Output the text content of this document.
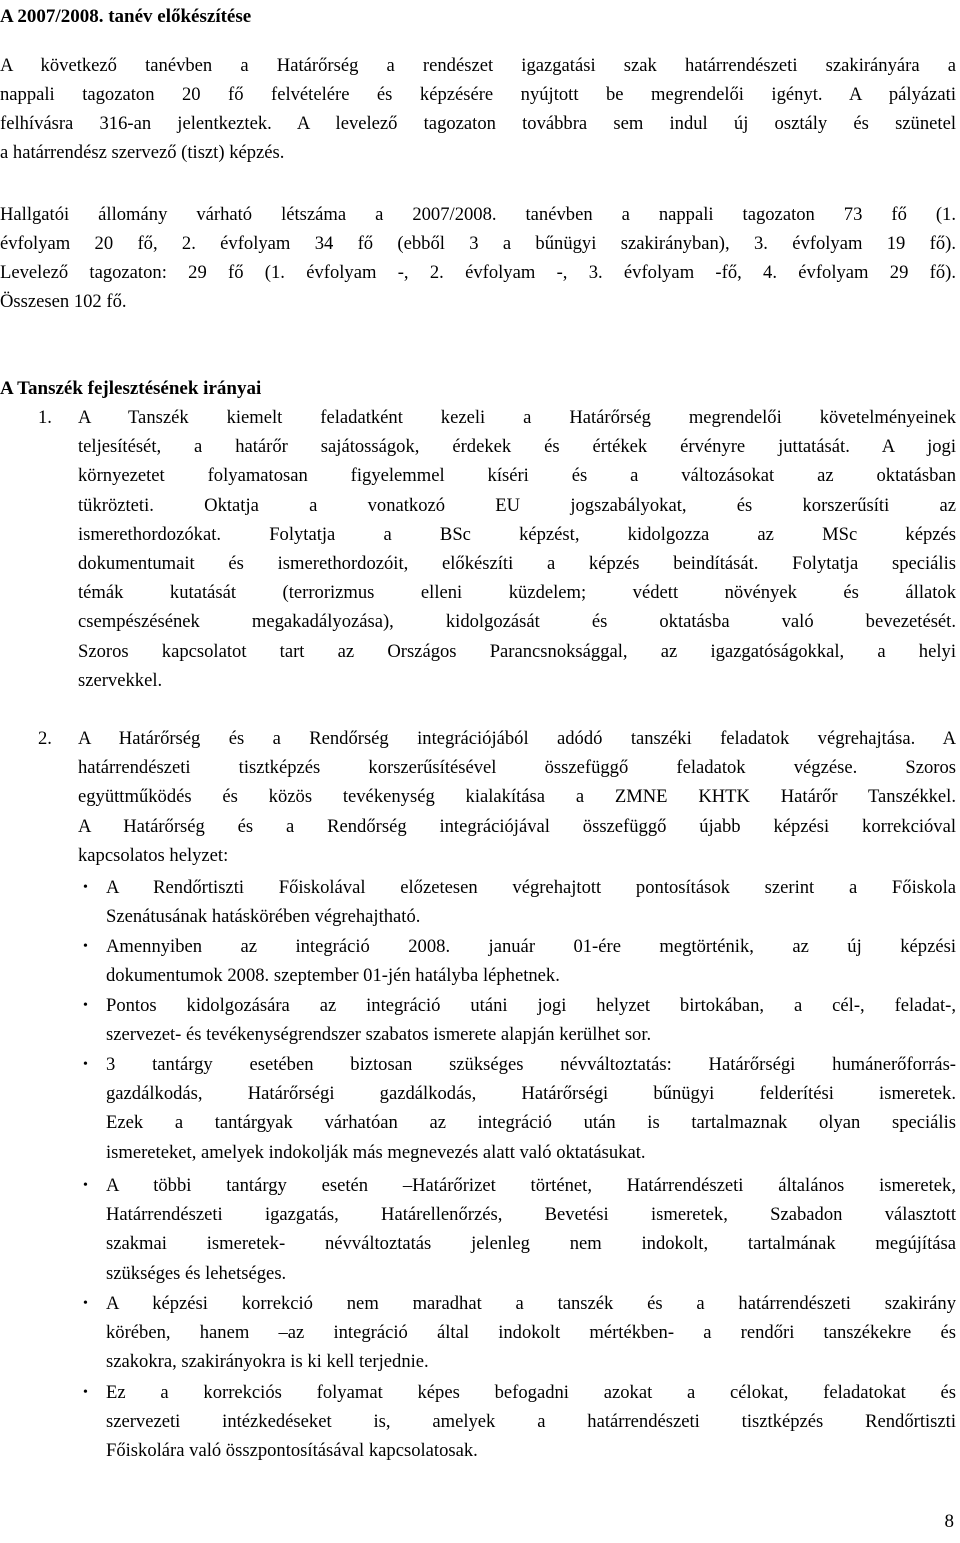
A 2007/2008. tanév előkészítése
A következő tanévben a Határőrség a rendészet igazgatási szak határrendészeti szakirányára a
nappali tagozaton 20 fő felvételére és képzésére nyújtott be megrendelői igényt. A pályázati
felhívásra 316-an jelentkeztek. A levelező tagozaton továbbra sem indul új osztály és szünetel
a határrendész szervező (tiszt) képzés.
Hallgatói állomány várható létszáma a 2007/2008. tanévben a nappali tagozaton 73 fő (1.
évfolyam 20 fő, 2. évfolyam 34 fő (ebből 3 a bűnügyi szakirányban), 3. évfolyam 19 fő).
Levelező tagozaton: 29 fő (1. évfolyam -, 2. évfolyam -, 3. évfolyam -fő, 4. évfolyam 29 fő).
Összesen 102 fő.
A Tanszék fejlesztésének irányai
1. A Tanszék kiemelt feladatként kezeli a Határőrség megrendelői követelményeinek
teljesítését, a határőr sajátosságok, érdekek és értékek érvényre juttatását. A jogi
környezetet folyamatosan figyelemmel kíséri és a változásokat az oktatásban
tükrözteti. Oktatja a vonatkozó EU jogszabályokat, és korszerűsíti az
ismerethordozókat. Folytatja a BSc képzést, kidolgozza az MSc képzés
dokumentumait és ismerethordozóit, előkészíti a képzés beindítását. Folytatja speciális
témák kutatását (terrorizmus elleni küzdelem; védett növények és állatok
csempészésének megakadályozása), kidolgozását és oktatásba való bevezetését.
Szoros kapcsolatot tart az Országos Parancsnoksággal, az igazgatóságokkal, a helyi
szervekkel.
2. A Határőrség és a Rendőrség integrációjából adódó tanszéki feladatok végrehajtása. A
határrendészeti tisztképzés korszerűsítésével összefüggő feladatok végzése. Szoros
együttműködés és közös tevékenység kialakítása a ZMNE KHTK Határőr Tanszékkel.
A Határőrség és a Rendőrség integrációjával összefüggő újabb képzési korrekcióval
kapcsolatos helyzet:
• A Rendőrtiszti Főiskolával előzetesen végrehajtott pontosítások szerint a Főiskola
Szenátusának hatáskörében végrehajtható.
• Amennyiben az integráció 2008. január 01-ére megtörténik, az új képzési
dokumentumok 2008. szeptember 01-jén hatályba léphetnek.
• Pontos kidolgozására az integráció utáni jogi helyzet birtokában, a cél-, feladat-,
szervezet- és tevékenységrendszer szabatos ismerete alapján kerülhet sor.
• 3 tantárgy esetében biztosan szükséges névváltoztatás: Határőrségi humánerőforrás-
gazdálkodás, Határőrségi gazdálkodás, Határőrségi bűnügyi felderítési ismeretek.
Ezek a tantárgyak várhatóan az integráció után is tartalmaznak olyan speciális
ismereteket, amelyek indokolják más megnevezés alatt való oktatásukat.
• A többi tantárgy esetén –Határőrizet történet, Határrendészeti általános ismeretek,
Határrendészeti igazgatás, Határellenőrzés, Bevetési ismeretek, Szabadon választott
szakmai ismeretek- névváltoztatás jelenleg nem indokolt, tartalmának megújítása
szükséges és lehetséges.
• A képzési korrekció nem maradhat a tanszék és a határrendészeti szakirány
körében, hanem –az integráció által indokolt mértékben- a rendőri tanszékekre és
szakokra, szakirányokra is ki kell terjednie.
• Ez a korrekciós folyamat képes befogadni azokat a célokat, feladatokat és
szervezeti intézkedéseket is, amelyek a határrendészeti tisztképzés Rendőrtiszti
Főiskolára való összpontosításával kapcsolatosak.
8
